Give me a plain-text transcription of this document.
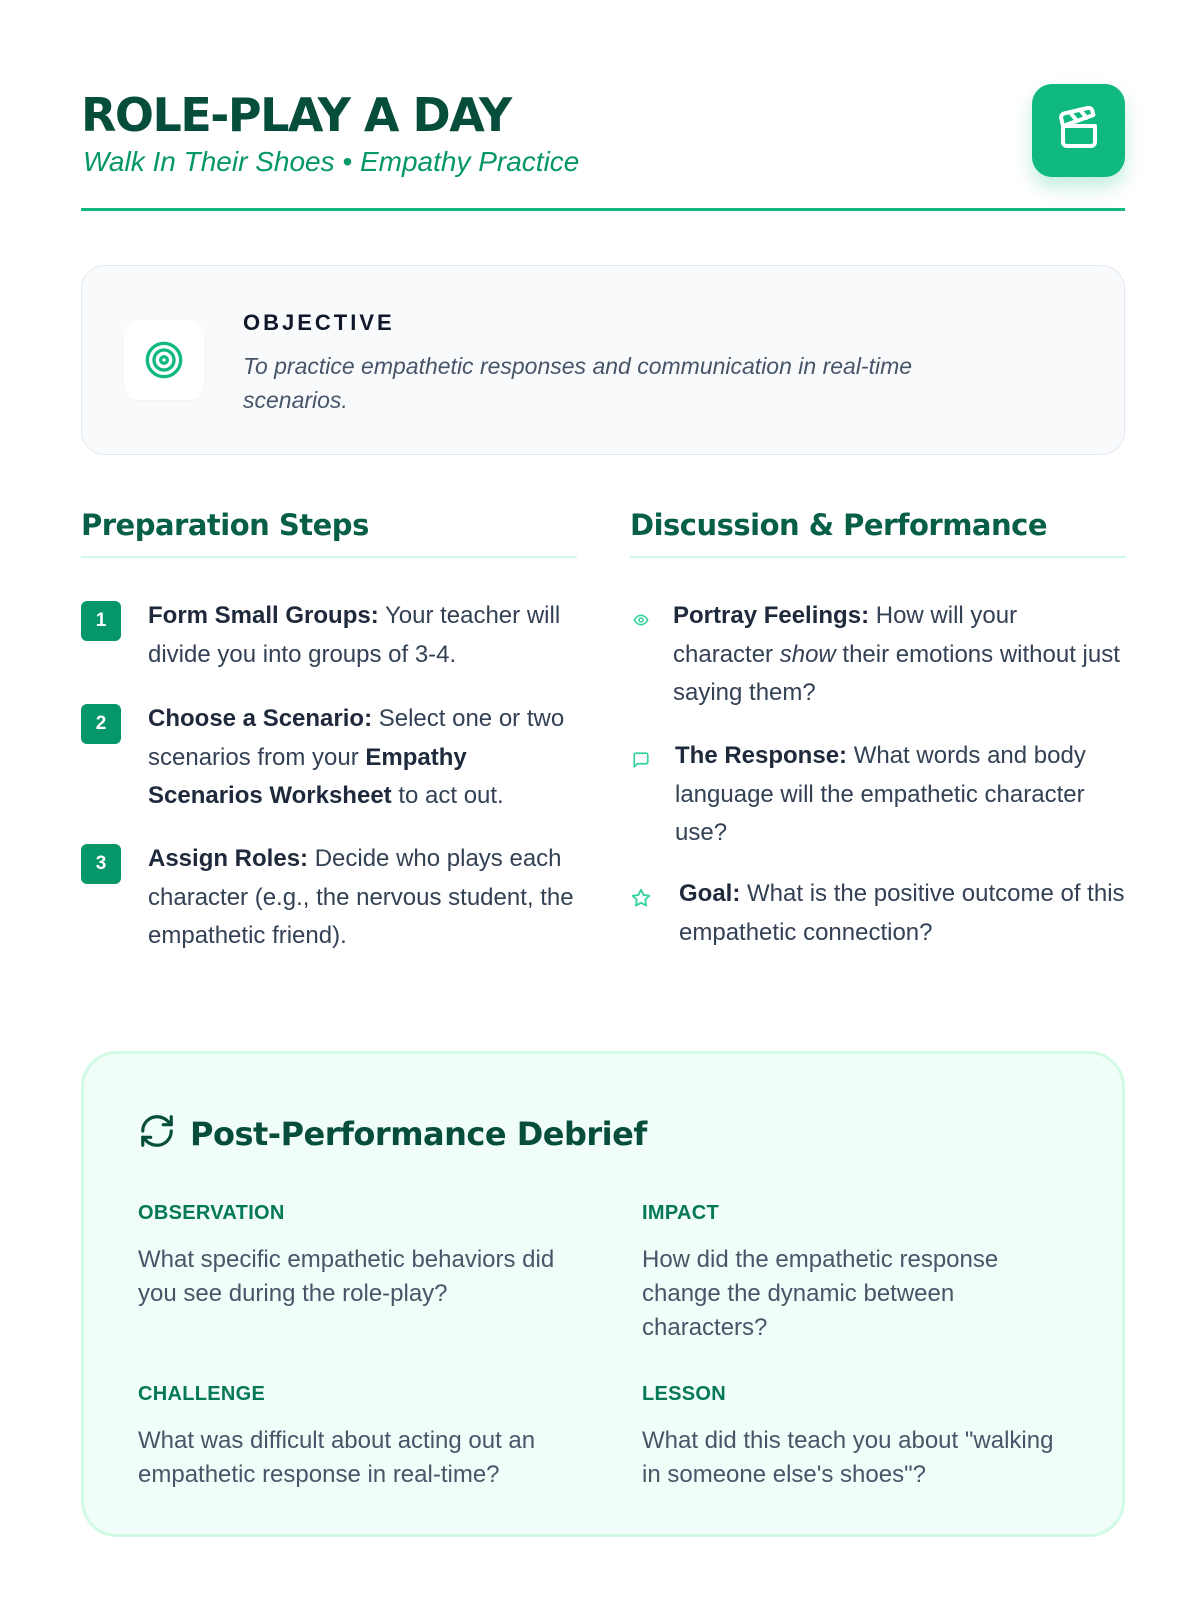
ROLE-PLAY A DAY
Walk In Their Shoes • Empathy Practice
OBJECTIVE
To practice empathetic responses and communication in real-time scenarios.
Preparation Steps
1	Form Small Groups: Your teacher will divide you into groups of 3-4.
2	Choose a Scenario: Select one or two scenarios from your Empathy Scenarios Worksheet to act out.
3	Assign Roles: Decide who plays each character (e.g., the nervous student, the empathetic friend).
Discussion & Performance
Portray Feelings: How will your character show their emotions without just saying them?
The Response: What words and body language will the empathetic character use?
Goal: What is the positive outcome of this empathetic connection?
Post-Performance Debrief
OBSERVATION
What specific empathetic behaviors did you see during the role-play?
IMPACT
How did the empathetic response change the dynamic between characters?
CHALLENGE
What was difficult about acting out an empathetic response in real-time?
LESSON
What did this teach you about "walking in someone else's shoes"?
